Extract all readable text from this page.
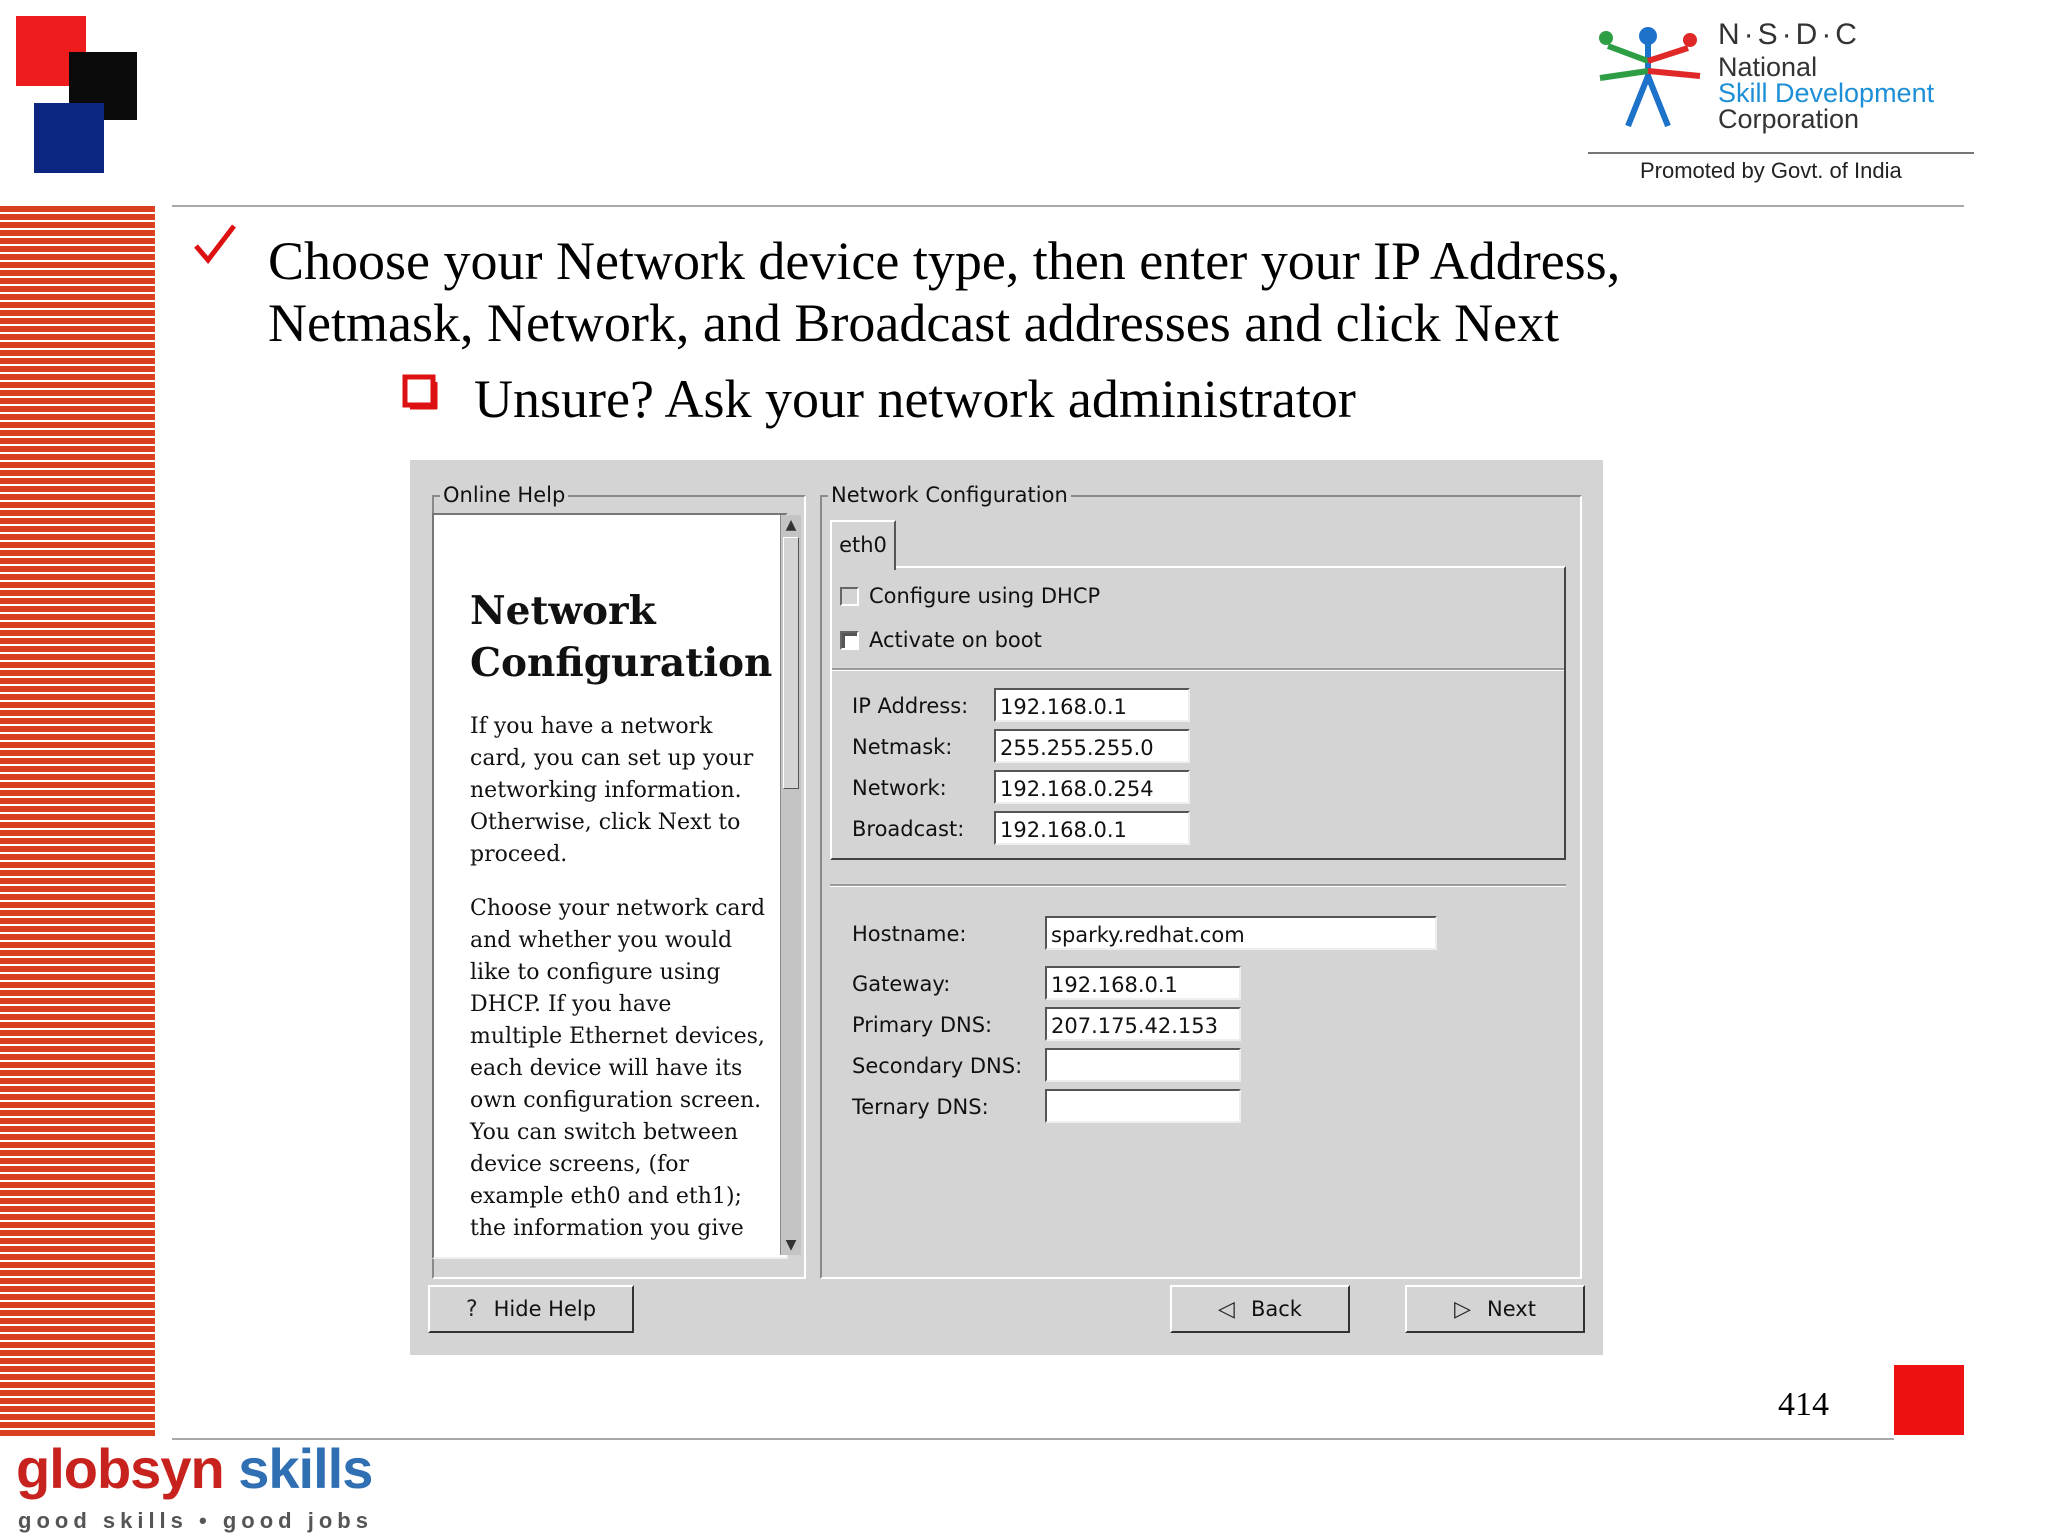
N·S·D·C
National
Skill Development
Corporation
Promoted by Govt. of India
Choose your Network device type, then enter your IP Address, Netmask, Network, and Broadcast addresses and click Next
Unsure? Ask your network administrator
Online Help
Network Configuration

If you have a network card, you can set up your networking information. Otherwise, click Next to proceed.

Choose your network card and whether you would like to configure using DHCP. If you have multiple Ethernet devices, each device will have its own configuration screen. You can switch between device screens, (for example eth0 and eth1); the information you give

▲
▼
Network Configuration
eth0
Configure using DHCP
Activate on boot
IP Address: 192.168.0.1
Netmask: 255.255.255.0
Network:	192.168.0.254
Broadcast: 192.168.0.1
Hostname:	sparky.redhat.com
Gateway:	192.168.0.1
Primary DNS:	207.175.42.153
Secondary DNS:
Ternary DNS:
? Hide Help	◁ Back	▷ Next
414
globsyn skills
good skills • good jobs
